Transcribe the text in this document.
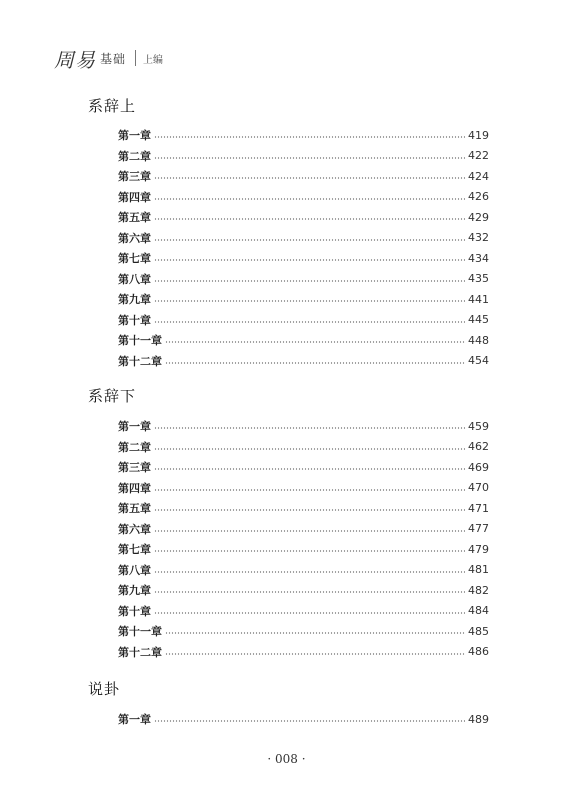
周易 基础 上编
系辞上
第一章	419
第二章	422
第三章	424
第四章	426
第五章	429
第六章	432
第七章	434
第八章	435
第九章	441
第十章	445
第十一章	448
第十二章	454
系辞下
第一章	459
第二章	462
第三章	469
第四章	470
第五章	471
第六章	477
第七章	479
第八章	481
第九章	482
第十章	484
第十一章	485
第十二章	486
说卦
第一章	489
· 008 ·
